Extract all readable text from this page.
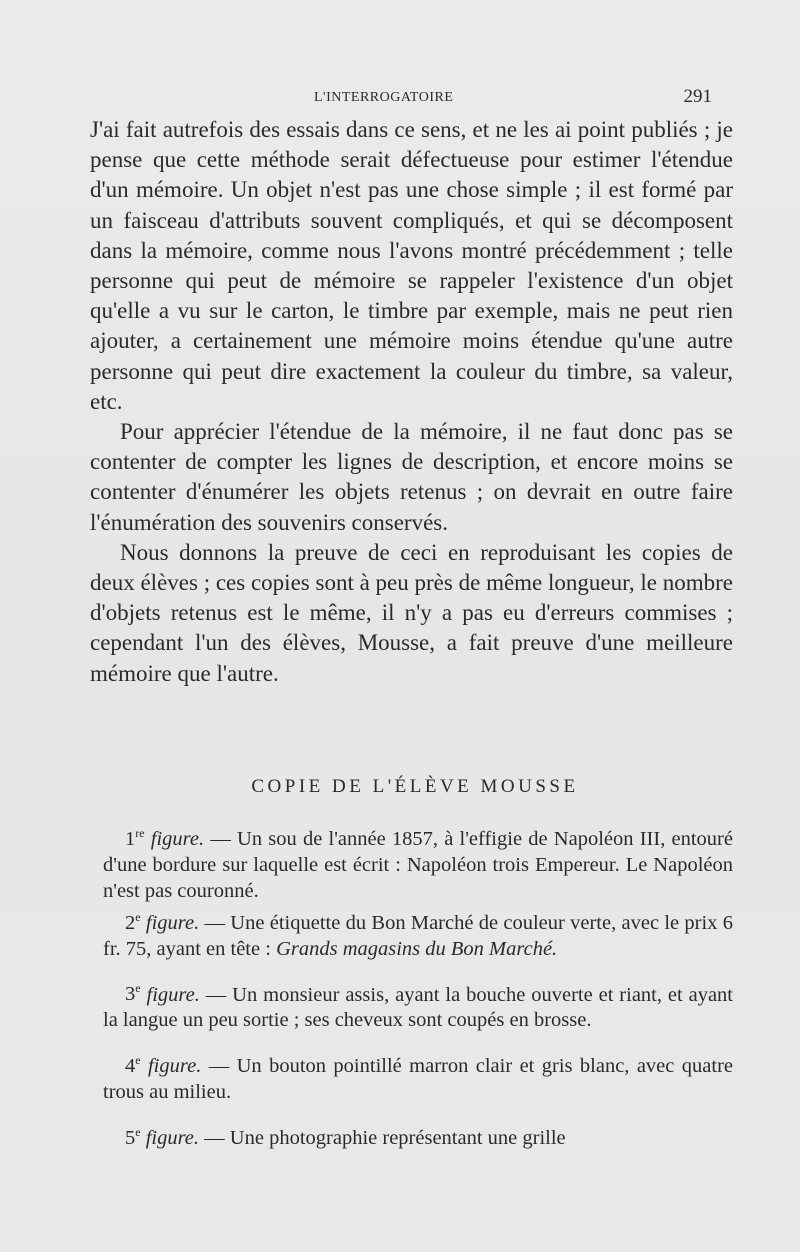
L'INTERROGATOIRE	291

J'ai fait autrefois des essais dans ce sens, et ne les ai point publiés ; je pense que cette méthode serait défectueuse pour estimer l'étendue d'un mémoire. Un objet n'est pas une chose simple ; il est formé par un faisceau d'attributs souvent compliqués, et qui se décomposent dans la mémoire, comme nous l'avons montré précédemment ; telle personne qui peut de mémoire se rappeler l'existence d'un objet qu'elle a vu sur le carton, le timbre par exemple, mais ne peut rien ajouter, a certainement une mémoire moins étendue qu'une autre personne qui peut dire exactement la couleur du timbre, sa valeur, etc.

Pour apprécier l'étendue de la mémoire, il ne faut donc pas se contenter de compter les lignes de description, et encore moins se contenter d'énumérer les objets retenus ; on devrait en outre faire l'énumération des souvenirs conservés.

Nous donnons la preuve de ceci en reproduisant les copies de deux élèves ; ces copies sont à peu près de même longueur, le nombre d'objets retenus est le même, il n'y a pas eu d'erreurs commises ; cependant l'un des élèves, Mousse, a fait preuve d'une meilleure mémoire que l'autre.

COPIE DE L'ÉLÈVE MOUSSE

1re figure. — Un sou de l'année 1857, à l'effigie de Napoléon III, entouré d'une bordure sur laquelle est écrit : Napoléon trois Empereur. Le Napoléon n'est pas couronné.

2e figure. — Une étiquette du Bon Marché de couleur verte, avec le prix 6 fr. 75, ayant en tête : Grands magasins du Bon Marché.

3e figure. — Un monsieur assis, ayant la bouche ouverte et riant, et ayant la langue un peu sortie ; ses cheveux sont coupés en brosse.

4e figure. — Un bouton pointillé marron clair et gris blanc, avec quatre trous au milieu.

5e figure. — Une photographie représentant une grille
